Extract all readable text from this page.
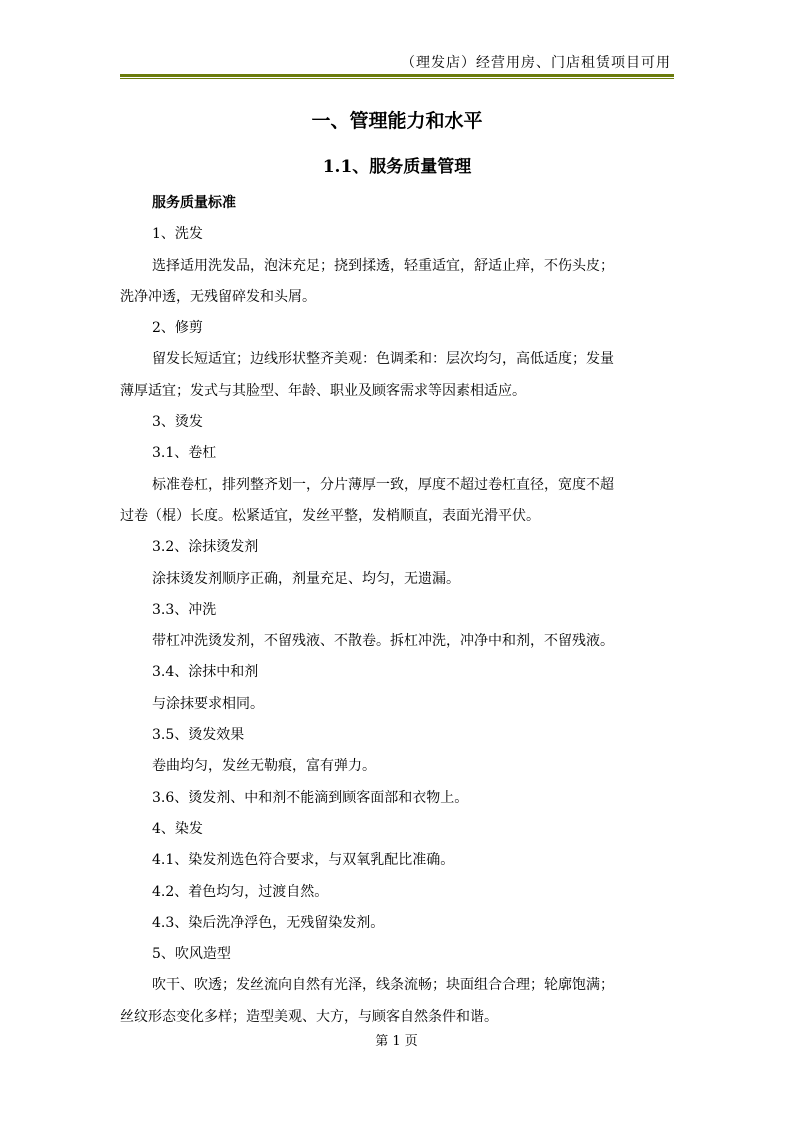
（理发店）经营用房、门店租赁项目可用
一、管理能力和水平
1.1、服务质量管理
服务质量标准
1、洗发
选择适用洗发品，泡沫充足；挠到揉透，轻重适宜，舒适止痒，不伤头皮；
洗净冲透，无残留碎发和头屑。
2、修剪
留发长短适宜；边线形状整齐美观：色调柔和：层次均匀，高低适度；发量
薄厚适宜；发式与其脸型、年龄、职业及顾客需求等因素相适应。
3、烫发
3.1、卷杠
标准卷杠，排列整齐划一，分片薄厚一致，厚度不超过卷杠直径，宽度不超
过卷（棍）长度。松紧适宜，发丝平整，发梢顺直，表面光滑平伏。
3.2、涂抹烫发剂
涂抹烫发剂顺序正确，剂量充足、均匀，无遗漏。
3.3、冲洗
带杠冲洗烫发剂，不留残液、不散卷。拆杠冲洗，冲净中和剂，不留残液。
3.4、涂抹中和剂
与涂抹要求相同。
3.5、烫发效果
卷曲均匀，发丝无勒痕，富有弹力。
3.6、烫发剂、中和剂不能滴到顾客面部和衣物上。
4、染发
4.1、染发剂选色符合要求，与双氧乳配比准确。
4.2、着色均匀，过渡自然。
4.3、染后洗净浮色，无残留染发剂。
5、吹风造型
吹干、吹透；发丝流向自然有光泽，线条流畅；块面组合合理；轮廓饱满；
丝纹形态变化多样；造型美观、大方，与顾客自然条件和谐。
第 1 页
